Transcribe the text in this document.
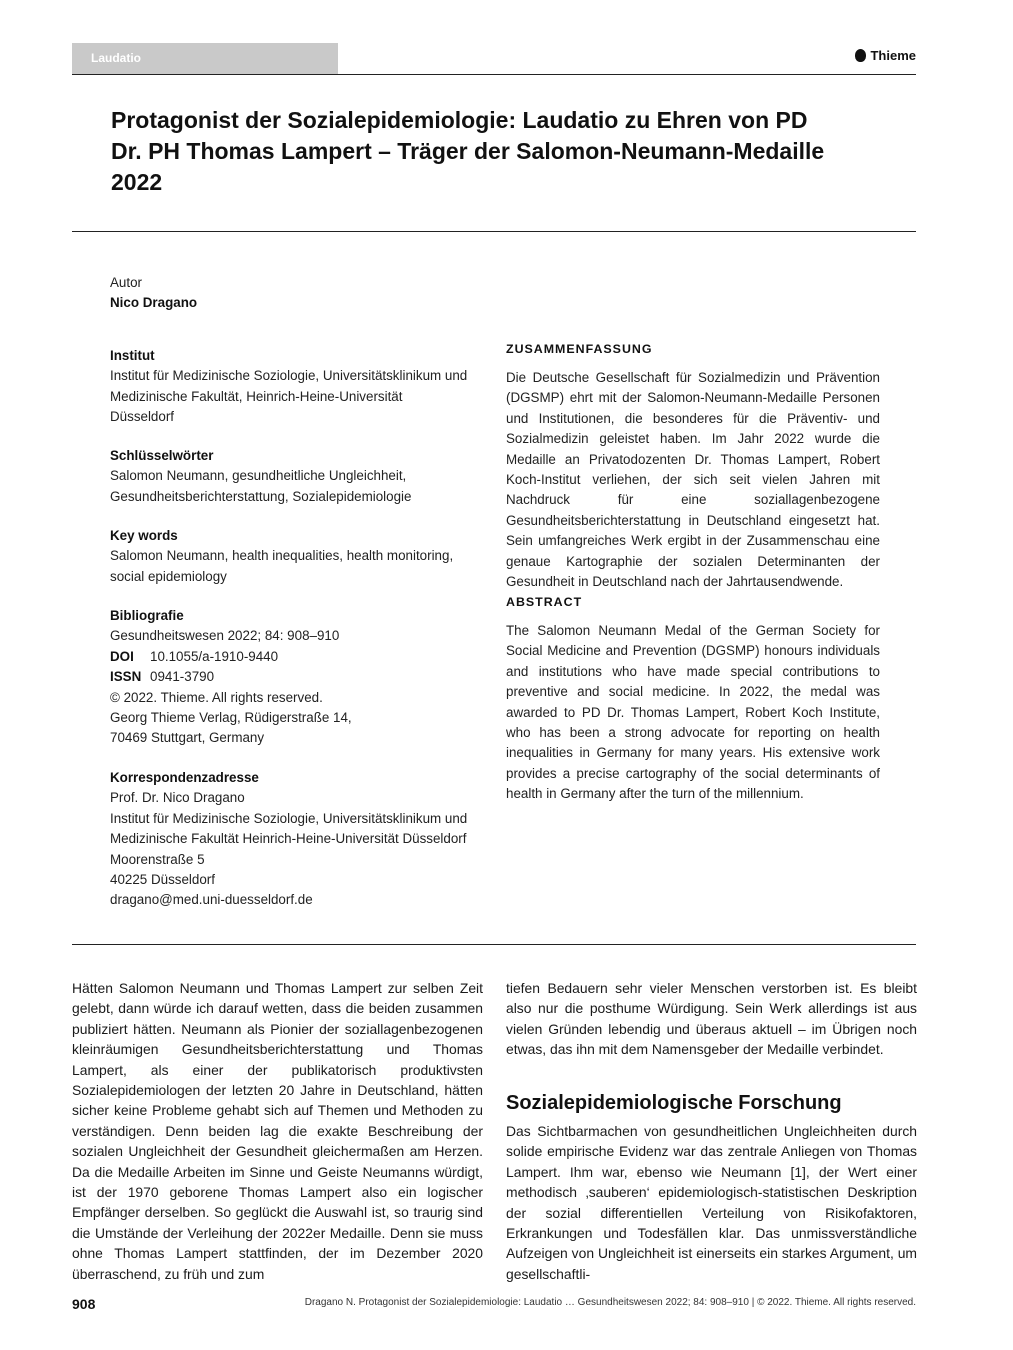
Laudatio	Thieme
Protagonist der Sozialepidemiologie: Laudatio zu Ehren von PD Dr. PH Thomas Lampert – Träger der Salomon-Neumann-Medaille 2022
Autor
Nico Dragano
Institut
Institut für Medizinische Soziologie, Universitätsklinikum und Medizinische Fakultät, Heinrich-Heine-Universität Düsseldorf
Schlüsselwörter
Salomon Neumann, gesundheitliche Ungleichheit, Gesundheitsberichterstattung, Sozialepidemiologie
Key words
Salomon Neumann, health inequalities, health monitoring, social epidemiology
Bibliografie
Gesundheitswesen 2022; 84: 908–910
DOI 10.1055/a-1910-9440
ISSN 0941-3790
© 2022. Thieme. All rights reserved.
Georg Thieme Verlag, Rüdigerstraße 14,
70469 Stuttgart, Germany
Korrespondenzadresse
Prof. Dr. Nico Dragano
Institut für Medizinische Soziologie, Universitätsklinikum und Medizinische Fakultät Heinrich-Heine-Universität Düsseldorf
Moorenstraße 5
40225 Düsseldorf
dragano@med.uni-duesseldorf.de
ZUSAMMENFASSUNG
Die Deutsche Gesellschaft für Sozialmedizin und Prävention (DGSMP) ehrt mit der Salomon-Neumann-Medaille Personen und Institutionen, die besonderes für die Präventiv- und Sozialmedizin geleistet haben. Im Jahr 2022 wurde die Medaille an Privatodozenten Dr. Thomas Lampert, Robert Koch-Institut verliehen, der sich seit vielen Jahren mit Nachdruck für eine soziallagenbezogene Gesundheitsberichterstattung in Deutschland eingesetzt hat. Sein umfangreiches Werk ergibt in der Zusammenschau eine genaue Kartographie der sozialen Determinanten der Gesundheit in Deutschland nach der Jahrtausendwende.
ABSTRACT
The Salomon Neumann Medal of the German Society for Social Medicine and Prevention (DGSMP) honours individuals and institutions who have made special contributions to preventive and social medicine. In 2022, the medal was awarded to PD Dr. Thomas Lampert, Robert Koch Institute, who has been a strong advocate for reporting on health inequalities in Germany for many years. His extensive work provides a precise cartography of the social determinants of health in Germany after the turn of the millennium.
Hätten Salomon Neumann und Thomas Lampert zur selben Zeit gelebt, dann würde ich darauf wetten, dass die beiden zusammen publiziert hätten. Neumann als Pionier der soziallagenbezogenen kleinräumigen Gesundheitsberichterstattung und Thomas Lampert, als einer der publikatorisch produktivsten Sozialepidemiologen der letzten 20 Jahre in Deutschland, hätten sicher keine Probleme gehabt sich auf Themen und Methoden zu verständigen. Denn beiden lag die exakte Beschreibung der sozialen Ungleichheit der Gesundheit gleichermaßen am Herzen. Da die Medaille Arbeiten im Sinne und Geiste Neumanns würdigt, ist der 1970 geborene Thomas Lampert also ein logischer Empfänger derselben. So geglückt die Auswahl ist, so traurig sind die Umstände der Verleihung der 2022er Medaille. Denn sie muss ohne Thomas Lampert stattfinden, der im Dezember 2020 überraschend, zu früh und zum
tiefen Bedauern sehr vieler Menschen verstorben ist. Es bleibt also nur die posthume Würdigung. Sein Werk allerdings ist aus vielen Gründen lebendig und überaus aktuell – im Übrigen noch etwas, das ihn mit dem Namensgeber der Medaille verbindet.
Sozialepidemiologische Forschung
Das Sichtbarmachen von gesundheitlichen Ungleichheiten durch solide empirische Evidenz war das zentrale Anliegen von Thomas Lampert. Ihm war, ebenso wie Neumann [1], der Wert einer methodisch ‚sauberen‘ epidemiologisch-statistischen Deskription der sozial differentiellen Verteilung von Risikofaktoren, Erkrankungen und Todesfällen klar. Das unmissverständliche Aufzeigen von Ungleichheit ist einerseits ein starkes Argument, um gesellschaftli-
908	Dragano N. Protagonist der Sozialepidemiologie: Laudatio … Gesundheitswesen 2022; 84: 908–910 | © 2022. Thieme. All rights reserved.
